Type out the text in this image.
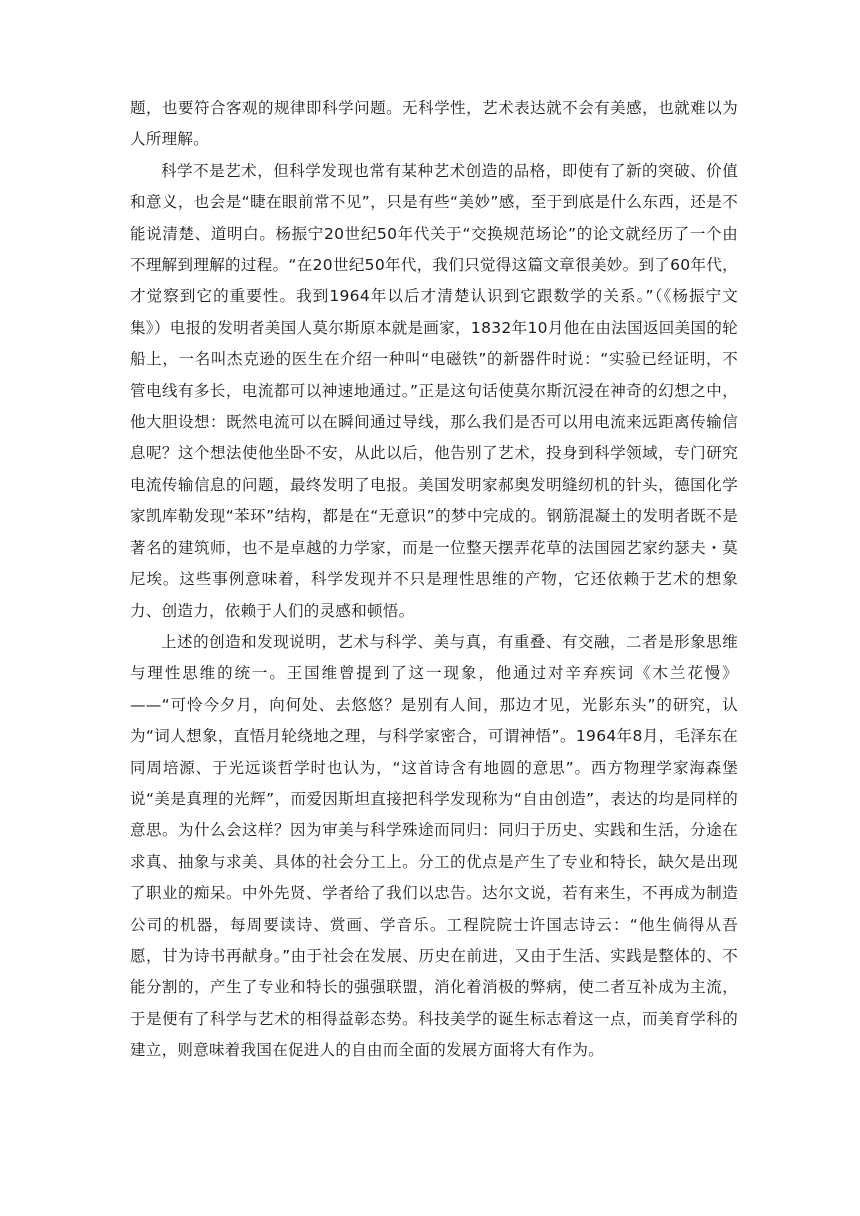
题，也要符合客观的规律即科学问题。无科学性，艺术表达就不会有美感，也就难以为人所理解。

科学不是艺术，但科学发现也常有某种艺术创造的品格，即使有了新的突破、价值和意义，也会是“睫在眼前常不见”，只是有些“美妙”感，至于到底是什么东西，还是不能说清楚、道明白。杨振宁20世纪50年代关于“交换规范场论”的论文就经历了一个由不理解到理解的过程。“在20世纪50年代，我们只觉得这篇文章很美妙。到了60年代，才觉察到它的重要性。我到1964年以后才清楚认识到它跟数学的关系。”（《杨振宁文集》）电报的发明者美国人莫尔斯原本就是画家，1832年10月他在由法国返回美国的轮船上，一名叫杰克逊的医生在介绍一种叫“电磁铁”的新器件时说：“实验已经证明，不管电线有多长，电流都可以神速地通过。”正是这句话使莫尔斯沉浸在神奇的幻想之中，他大胆设想：既然电流可以在瞬间通过导线，那么我们是否可以用电流来远距离传输信息呢？这个想法使他坐卧不安，从此以后，他告别了艺术，投身到科学领域，专门研究电流传输信息的问题，最终发明了电报。美国发明家郝奥发明缝纫机的针头，德国化学家凯库勒发现“苯环”结构，都是在“无意识”的梦中完成的。钢筋混凝土的发明者既不是著名的建筑师，也不是卓越的力学家，而是一位整天摆弄花草的法国园艺家约瑟夫・莫尼埃。这些事例意味着，科学发现并不只是理性思维的产物，它还依赖于艺术的想象力、创造力，依赖于人们的灵感和顿悟。

上述的创造和发现说明，艺术与科学、美与真，有重叠、有交融，二者是形象思维与理性思维的统一。王国维曾提到了这一现象，他通过对辛弃疾词《木兰花慢》——“可怜今夕月，向何处、去悠悠？是别有人间，那边才见，光影东头”的研究，认为“词人想象，直悟月轮绕地之理，与科学家密合，可谓神悟”。1964年8月，毛泽东在同周培源、于光远谈哲学时也认为，“这首诗含有地圆的意思”。西方物理学家海森堡说“美是真理的光辉”，而爱因斯坦直接把科学发现称为“自由创造”，表达的均是同样的意思。为什么会这样？因为审美与科学殊途而同归：同归于历史、实践和生活，分途在求真、抽象与求美、具体的社会分工上。分工的优点是产生了专业和特长，缺欠是出现了职业的痴呆。中外先贤、学者给了我们以忠告。达尔文说，若有来生，不再成为制造公司的机器，每周要读诗、赏画、学音乐。工程院院士许国志诗云：“他生倘得从吾愿，甘为诗书再献身。”由于社会在发展、历史在前进，又由于生活、实践是整体的、不能分割的，产生了专业和特长的强强联盟，消化着消极的弊病，使二者互补成为主流，于是便有了科学与艺术的相得益彰态势。科技美学的诞生标志着这一点，而美育学科的建立，则意味着我国在促进人的自由而全面的发展方面将大有作为。
